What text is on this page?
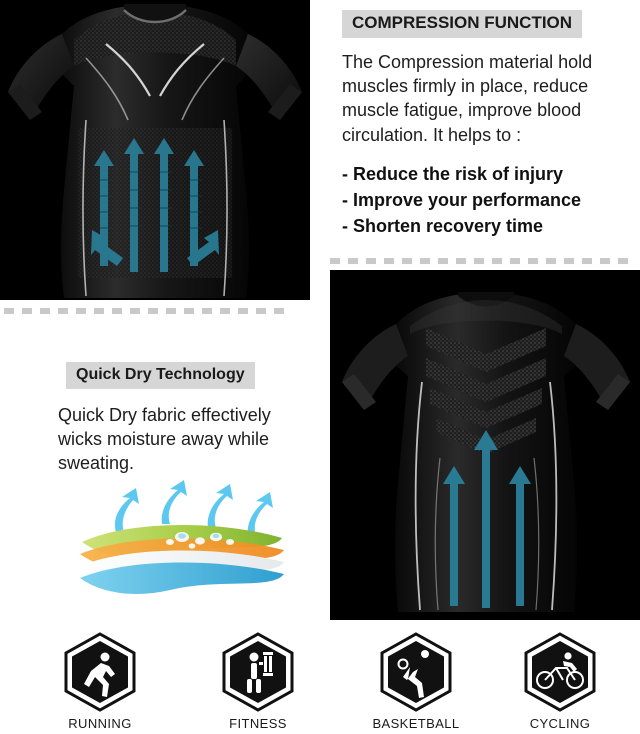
COMPRESSION FUNCTION
The Compression material hold muscles firmly in place, reduce muscle fatigue, improve blood circulation. It helps to :
- Reduce the risk of injury
- Improve your performance
- Shorten recovery time
Quick Dry Technology
Quick Dry fabric effectively wicks moisture away while sweating.
RUNNING	FITNESS	BASKETBALL	CYCLING
